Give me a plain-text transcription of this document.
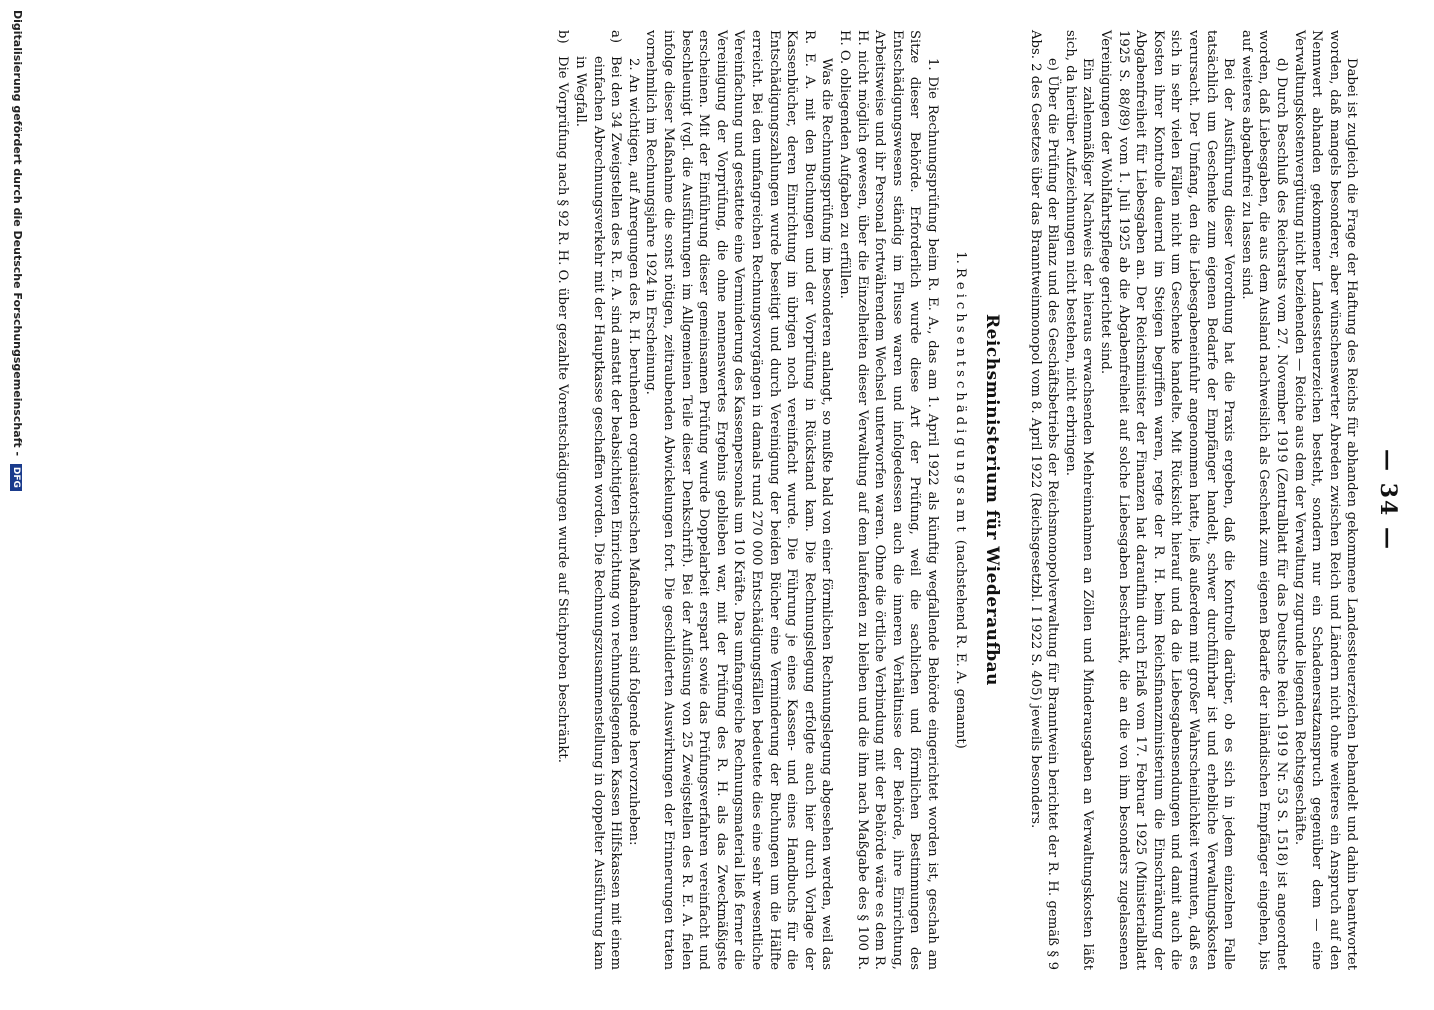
— 34 —

Dabei ist zugleich die Frage der Haftung des Reichs für abhanden gekommene Landessteuerzeichen behandelt und dahin beantwortet worden, daß mangels besonderer, aber wünschenswerter Abreden zwischen Reich und Ländern nicht ohne weiteres ein Anspruch auf den Nennwert abhanden gekommener Landessteuerzeichen besteht, sondern nur ein Schadenersatzanspruch gegenüber dem — eine Verwaltungskostenvergütung nicht beziehenden — Reiche aus dem der Verwaltung zugrunde liegenden Rechtsgeschäfte.

d) Durch Beschluß des Reichsrats vom 27. November 1919 (Zentralblatt für das Deutsche Reich 1919 Nr. 53 S. 1518) ist angeordnet worden, daß Liebesgaben, die aus dem Ausland nachweislich als Geschenk zum eigenen Bedarfe der inländischen Empfänger eingehen, bis auf weiteres abgabenfrei zu lassen sind.

Bei der Ausführung dieser Verordnung hat die Praxis ergeben, daß die Kontrolle darüber, ob es sich in jedem einzelnen Falle tatsächlich um Geschenke zum eigenen Bedarfe der Empfänger handelt, schwer durchführbar ist und erhebliche Verwaltungskosten verursacht. Der Umfang, den die Liebesgabeneinfuhr angenommen hatte, ließ außerdem mit großer Wahrscheinlichkeit vermuten, daß es sich in sehr vielen Fällen nicht um Geschenke handelte. Mit Rücksicht hierauf und da die Liebesgabensendungen und damit auch die Kosten ihrer Kontrolle dauernd im Steigen begriffen waren, regte der R. H. beim Reichsfinanzministerium die Einschränkung der Abgabenfreiheit für Liebesgaben an. Der Reichsminister der Finanzen hat daraufhin durch Erlaß vom 17. Februar 1925 (Ministerialblatt 1925 S. 88/89) vom 1. Juli 1925 ab die Abgabenfreiheit auf solche Liebesgaben beschränkt, die an die von ihm besonders zugelassenen Vereinigungen der Wohlfahrtspflege gerichtet sind.

Ein zahlenmäßiger Nachweis der hieraus erwachsenden Mehreinnahmen an Zöllen und Minderausgaben an Verwaltungskosten läßt sich, da hierüber Aufzeichnungen nicht bestehen, nicht erbringen.

e) Über die Prüfung der Bilanz und des Geschäftsbetriebs der Reichsmonopolverwaltung für Branntwein berichtet der R. H. gemäß § 9 Abs. 2 des Gesetzes über das Branntweinmonopol vom 8. April 1922 (Reichsgesetzbl. I 1922 S. 405) jeweils besonders.

Reichsministerium für Wiederaufbau
1. Reichsentschädigungsamt (nachstehend R. E. A. genannt)

1. Die Rechnungsprüfung beim R. E. A., das am 1. April 1922 als künftig wegfallende Behörde eingerichtet worden ist, geschah am Sitze dieser Behörde. Erforderlich wurde diese Art der Prüfung, weil die sachlichen und förmlichen Bestimmungen des Entschädigungswesens ständig im Flusse waren und infolgedessen auch die inneren Verhältnisse der Behörde, ihre Einrichtung, Arbeitsweise und ihr Personal fortwährendem Wechsel unterworfen waren. Ohne die örtliche Verbindung mit der Behörde wäre es dem R. H. nicht möglich gewesen, über die Einzelheiten dieser Verwaltung auf dem laufenden zu bleiben und die ihm nach Maßgabe des § 100 R. H. O. obliegenden Aufgaben zu erfüllen.

Was die Rechnungsprüfung im besonderen anlangt, so mußte bald von einer förmlichen Rechnungslegung abgesehen werden, weil das R. E. A. mit den Buchungen und der Vorprüfung in Rückstand kam. Die Rechnungslegung erfolgte auch hier durch Vorlage der Kassenbücher, deren Einrichtung im übrigen noch vereinfacht wurde. Die Führung je eines Kassen- und eines Handbuchs für die Entschädigungszahlungen wurde beseitigt und durch Vereinigung der beiden Bücher eine Verminderung der Buchungen um die Hälfte erreicht. Bei den umfangreichen Rechnungsvorgängen in damals rund 270 000 Entschädigungsfällen bedeutete dies eine sehr wesentliche Vereinfachung und gestattete eine Verminderung des Kassenpersonals um 10 Kräfte. Das umfangreiche Rechnungsmaterial ließ ferner die Vereinigung der Vorprüfung, die ohne nennenswertes Ergebnis geblieben war, mit der Prüfung des R. H. als das Zweckmäßigste erscheinen. Mit der Einführung dieser gemeinsamen Prüfung wurde Doppelarbeit erspart sowie das Prüfungsverfahren vereinfacht und beschleunigt (vgl. die Ausführungen im Allgemeinen Teile dieser Denkschrift). Bei der Auflösung von 25 Zweigstellen des R. E. A. fielen infolge dieser Maßnahme die sonst nötigen, zeitraubenden Abwickelungen fort. Die geschilderten Auswirkungen der Erinnerungen traten vornehmlich im Rechnungsjahre 1924 in Erscheinung.

2. An wichtigen, auf Anregungen des R. H. beruhenden organisatorischen Maßnahmen sind folgende hervorzuheben:

a)
Bei den 34 Zweigstellen des R. E. A. sind anstatt der beabsichtigten Einrichtung von rechnungslegenden Kassen Hilfskassen mit einem einfachen Abrechnungsverkehr mit der Hauptkasse geschaffen worden. Die Rechnungszusammenstellung in doppelter Ausführung kam in Wegfall.
b)
Die Vorprüfung nach § 92 R. H. O. über gezahlte Vorentschädigungen wurde auf Stichproben beschränkt.
Digitalisierung gefördert durch die Deutsche Forschungsgemeinschaft - DFG
